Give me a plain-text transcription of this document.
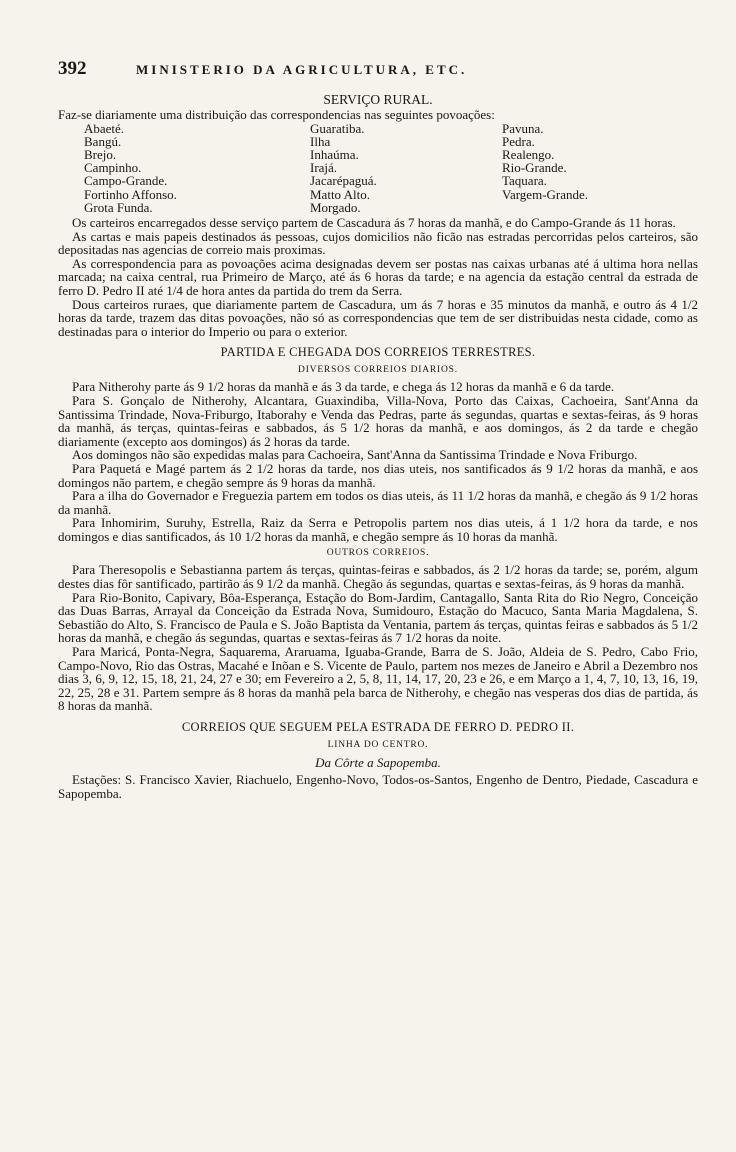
392	MINISTERIO DA AGRICULTURA, ETC.
SERVIÇO RURAL.

Faz-se diariamente uma distribuição das correspondencias nas seguintes povoações:

Abaeté.
Bangú.
Brejo.
Campinho.
Campo-Grande.
Fortinho Affonso.
Grota Funda.
Guaratiba.
Ilha
Inhaúma.
Irajá.
Jacarépaguá.
Matto Alto.
Morgado.
Pavuna.
Pedra.
Realengo.
Rio-Grande.
Taquara.
Vargem-Grande.

Os carteiros encarregados desse serviço partem de Cascadura ás 7 horas da manhã, e do Campo-Grande ás 11 horas.

As cartas e mais papeis destinados ás pessoas, cujos domicilios não ficão nas estradas percorridas pelos carteiros, são depositadas nas agencias de correio mais proximas.

As correspondencia para as povoações acima designadas devem ser postas nas caixas urbanas até á ultima hora nellas marcada; na caixa central, rua Primeiro de Março, até ás 6 horas da tarde; e na agencia da estação central da estrada de ferro D. Pedro II até 1/4 de hora antes da partida do trem da Serra.

Dous carteiros ruraes, que diariamente partem de Cascadura, um ás 7 horas e 35 minutos da manhã, e outro ás 4 1/2 horas da tarde, trazem das ditas povoações, não só as correspondencias que tem de ser distribuidas nesta cidade, como as destinadas para o interior do Imperio ou para o exterior.

PARTIDA E CHEGADA DOS CORREIOS TERRESTRES.
DIVERSOS CORREIOS DIARIOS.

Para Nitherohy parte ás 9 1/2 horas da manhã e ás 3 da tarde, e chega ás 12 horas da manhã e 6 da tarde.

Para S. Gonçalo de Nitherohy, Alcantara, Guaxindiba, Villa-Nova, Porto das Caixas, Cachoeira, Sant'Anna da Santissima Trindade, Nova-Friburgo, Itaborahy e Venda das Pedras, parte ás segundas, quartas e sextas-feiras, ás 9 horas da manhã, ás terças, quintas-feiras e sabbados, ás 5 1/2 horas da manhã, e aos domingos, ás 2 da tarde e chegão diariamente (excepto aos domingos) ás 2 horas da tarde.

Aos domingos não são expedidas malas para Cachoeira, Sant'Anna da Santissima Trindade e Nova Friburgo.

Para Paquetá e Magé partem ás 2 1/2 horas da tarde, nos dias uteis, nos santificados ás 9 1/2 horas da manhã, e aos domingos não partem, e chegão sempre ás 9 horas da manhã.

Para a ilha do Governador e Freguezia partem em todos os dias uteis, ás 11 1/2 horas da manhã, e chegão ás 9 1/2 horas da manhã.

Para Inhomirim, Suruhy, Estrella, Raiz da Serra e Petropolis partem nos dias uteis, á 1 1/2 hora da tarde, e nos domingos e dias santificados, ás 10 1/2 horas da manhã, e chegão sempre ás 10 horas da manhã.

OUTROS CORREIOS.

Para Theresopolis e Sebastianna partem ás terças, quintas-feiras e sabbados, ás 2 1/2 horas da tarde; se, porém, algum destes dias fôr santificado, partirão ás 9 1/2 da manhã. Chegão ás segundas, quartas e sextas-feiras, ás 9 horas da manhã.

Para Rio-Bonito, Capivary, Bôa-Esperança, Estação do Bom-Jardim, Cantagallo, Santa Rita do Rio Negro, Conceição das Duas Barras, Arrayal da Conceição da Estrada Nova, Sumidouro, Estação do Macuco, Santa Maria Magdalena, S. Sebastião do Alto, S. Francisco de Paula e S. João Baptista da Ventania, partem ás terças, quintas feiras e sabbados ás 5 1/2 horas da manhã, e chegão ás segundas, quartas e sextas-feiras ás 7 1/2 horas da noite.

Para Maricá, Ponta-Negra, Saquarema, Araruama, Iguaba-Grande, Barra de S. João, Aldeia de S. Pedro, Cabo Frio, Campo-Novo, Rio das Ostras, Macahé e Inõan e S. Vicente de Paulo, partem nos mezes de Janeiro e Abril a Dezembro nos dias 3, 6, 9, 12, 15, 18, 21, 24, 27 e 30; em Fevereiro a 2, 5, 8, 11, 14, 17, 20, 23 e 26, e em Março a 1, 4, 7, 10, 13, 16, 19, 22, 25, 28 e 31. Partem sempre ás 8 horas da manhã pela barca de Nitherohy, e chegão nas vesperas dos dias de partida, ás 8 horas da manhã.

CORREIOS QUE SEGUEM PELA ESTRADA DE FERRO D. PEDRO II.
LINHA DO CENTRO.
Da Côrte a Sapopemba.

Estações: S. Francisco Xavier, Riachuelo, Engenho-Novo, Todos-os-Santos, Engenho de Dentro, Piedade, Cascadura e Sapopemba.
